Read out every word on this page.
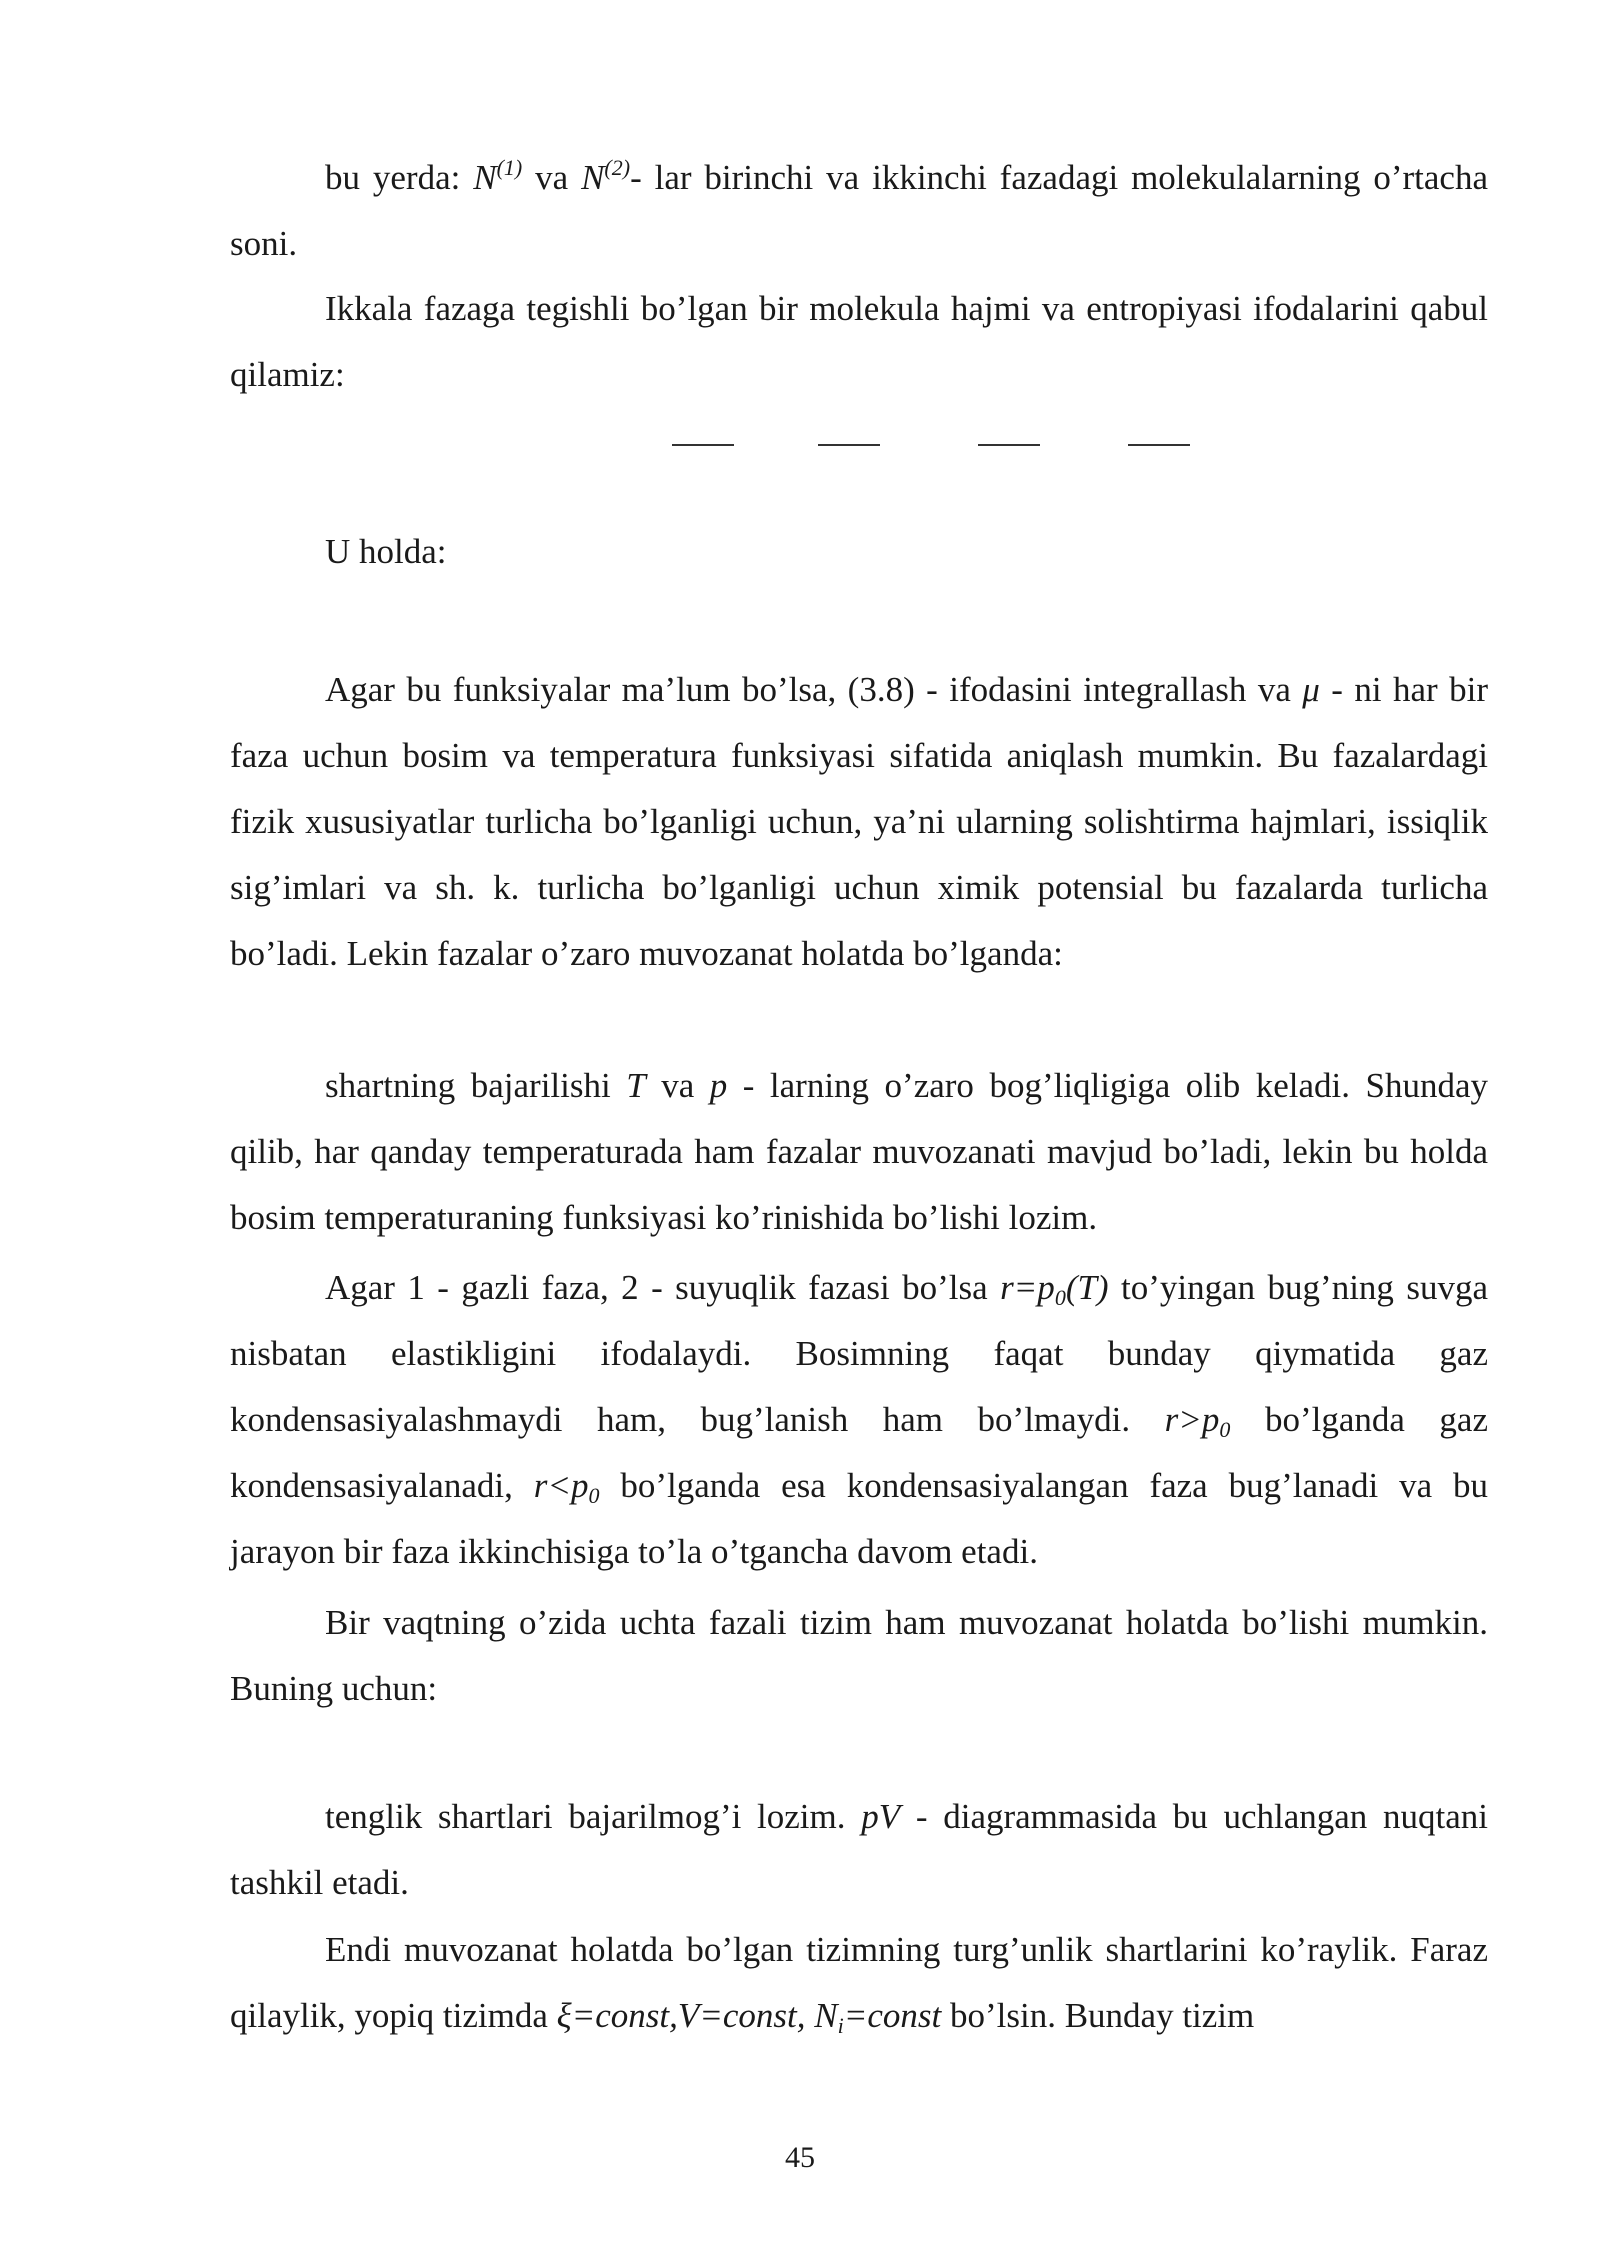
bu yerda: $N^{(1)}$ va $N^{(2)}-$ lar birinchi va ikkinchi fazadagi molekulalarning o’rtacha soni.
Ikkala fazaga tegishli bo’lgan bir molekula hajmi va entropiyasi ifodalarini qabul qilamiz:
U holda:
Agar bu funksiyalar ma’lum bo’lsa, (3.8) - ifodasini integrallash va μ - ni har bir faza uchun bosim va temperatura funksiyasi sifatida aniqlash mumkin. Bu fazalardagi fizik xususiyatlar turlicha bo’lganligi uchun, ya’ni ularning solishtirma hajmlari, issiqlik sig’imlari va sh. k. turlicha bo’lganligi uchun ximik potensial bu fazalarda turlicha bo’ladi. Lekin fazalar o’zaro muvozanat holatda bo’lganda:
shartning bajarilishi T va p - larning o’zaro bog’liqligiga olib keladi. Shunday qilib, har qanday temperaturada ham fazalar muvozanati mavjud bo’ladi, lekin bu holda bosim temperaturaning funksiyasi ko’rinishida bo’lishi lozim.
Agar 1 - gazli faza, 2 - suyuqlik fazasi bo’lsa $r=p_0(T)$ to’yingan bug’ning suvga nisbatan elastikligini ifodalaydi. Bosimning faqat bunday qiymatida gaz kondensasiyalashmaydi ham, bug’lanish ham bo’lmaydi. $r>p_0$ bo’lganda gaz kondensasiyalanadi, $r<p_0$ bo’lganda esa kondensasiyalangan faza bug’lanadi va bu jarayon bir faza ikkinchisiga to’la o’tgancha davom etadi.
Bir vaqtning o’zida uchta fazali tizim ham muvozanat holatda bo’lishi mumkin. Buning uchun:
tenglik shartlari bajarilmog’i lozim. pV - diagrammasida bu uchlangan nuqtani tashkil etadi.
Endi muvozanat holatda bo’lgan tizimning turg’unlik shartlarini ko’raylik. Faraz qilaylik, yopiq tizimda ξ=const,V=const, $N_i=const$ bo’lsin. Bunday tizim
45
